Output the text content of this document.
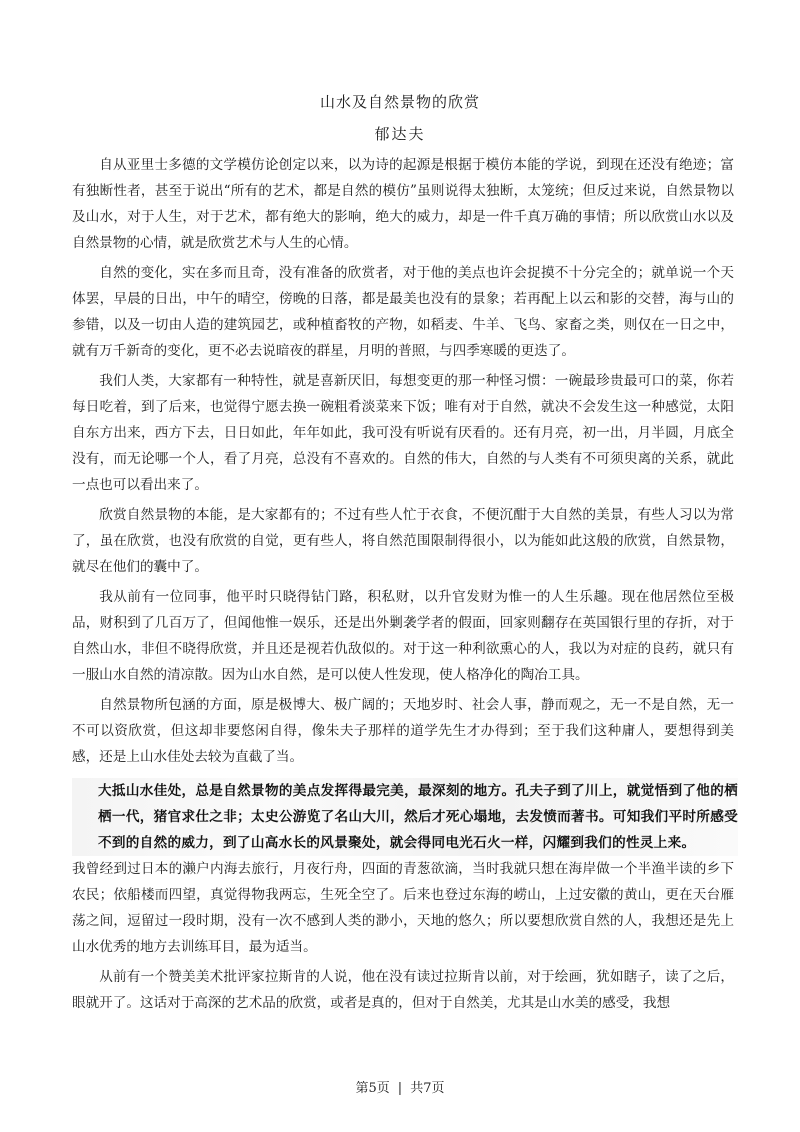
山水及自然景物的欣赏
郁达夫

自从亚里士多德的文学模仿论创定以来，以为诗的起源是根据于模仿本能的学说，到现在还没有绝迹；富有独断性者，甚至于说出“所有的艺术，都是自然的模仿”虽则说得太独断，太笼统；但反过来说，自然景物以及山水，对于人生，对于艺术，都有绝大的影响，绝大的威力，却是一件千真万确的事情；所以欣赏山水以及自然景物的心情，就是欣赏艺术与人生的心情。

自然的变化，实在多而且奇，没有准备的欣赏者，对于他的美点也许会捉摸不十分完全的；就单说一个天体罢，早晨的日出，中午的晴空，傍晚的日落，都是最美也没有的景象；若再配上以云和影的交替，海与山的参错，以及一切由人造的建筑园艺，或种植畜牧的产物，如稻麦、牛羊、飞鸟、家畜之类，则仅在一日之中，就有万千新奇的变化，更不必去说暗夜的群星，月明的普照，与四季寒暖的更迭了。

我们人类，大家都有一种特性，就是喜新厌旧，每想变更的那一种怪习惯：一碗最珍贵最可口的菜，你若每日吃着，到了后来，也觉得宁愿去换一碗粗肴淡菜来下饭；唯有对于自然，就决不会发生这一种感觉，太阳自东方出来，西方下去，日日如此，年年如此，我可没有听说有厌看的。还有月亮，初一出，月半圆，月底全没有，而无论哪一个人，看了月亮，总没有不喜欢的。自然的伟大，自然的与人类有不可须臾离的关系，就此一点也可以看出来了。

欣赏自然景物的本能，是大家都有的；不过有些人忙于衣食，不便沉酣于大自然的美景，有些人习以为常了，虽在欣赏，也没有欣赏的自觉，更有些人，将自然范围限制得很小，以为能如此这般的欣赏，自然景物，就尽在他们的囊中了。

我从前有一位同事，他平时只晓得钻门路，积私财，以升官发财为惟一的人生乐趣。现在他居然位至极品，财积到了几百万了，但闻他惟一娱乐，还是出外剿袭学者的假面，回家则翻存在英国银行里的存折，对于自然山水，非但不晓得欣赏，并且还是视若仇敌似的。对于这一种利欲熏心的人，我以为对症的良药，就只有一服山水自然的清凉散。因为山水自然，是可以使人性发现，使人格净化的陶冶工具。

自然景物所包涵的方面，原是极博大、极广阔的；天地岁时、社会人事，静而观之，无一不是自然，无一不可以资欣赏，但这却非要悠闲自得，像朱夫子那样的道学先生才办得到；至于我们这种庸人，要想得到美感，还是上山水佳处去较为直截了当。

大抵山水佳处，总是自然景物的美点发挥得最完美，最深刻的地方。孔夫子到了川上，就觉悟到了他的栖栖一代，猪官求仕之非；太史公游览了名山大川，然后才死心塌地，去发愤而著书。可知我们平时所感受不到的自然的威力，到了山高水长的风景聚处，就会得同电光石火一样，闪耀到我们的性灵上来。

我曾经到过日本的濑户内海去旅行，月夜行舟，四面的青葱欲滴，当时我就只想在海岸做一个半渔半读的乡下农民；依船楼而四望，真觉得物我两忘，生死全空了。后来也登过东海的崂山，上过安徽的黄山，更在天台雁荡之间，逗留过一段时期，没有一次不感到人类的渺小，天地的悠久；所以要想欣赏自然的人，我想还是先上山水优秀的地方去训练耳目，最为适当。

从前有一个赞美美术批评家拉斯肯的人说，他在没有读过拉斯肯以前，对于绘画，犹如瞎子，读了之后，眼就开了。这话对于高深的艺术品的欣赏，或者是真的，但对于自然美，尤其是山水美的感受，我想

第5页 | 共7页
